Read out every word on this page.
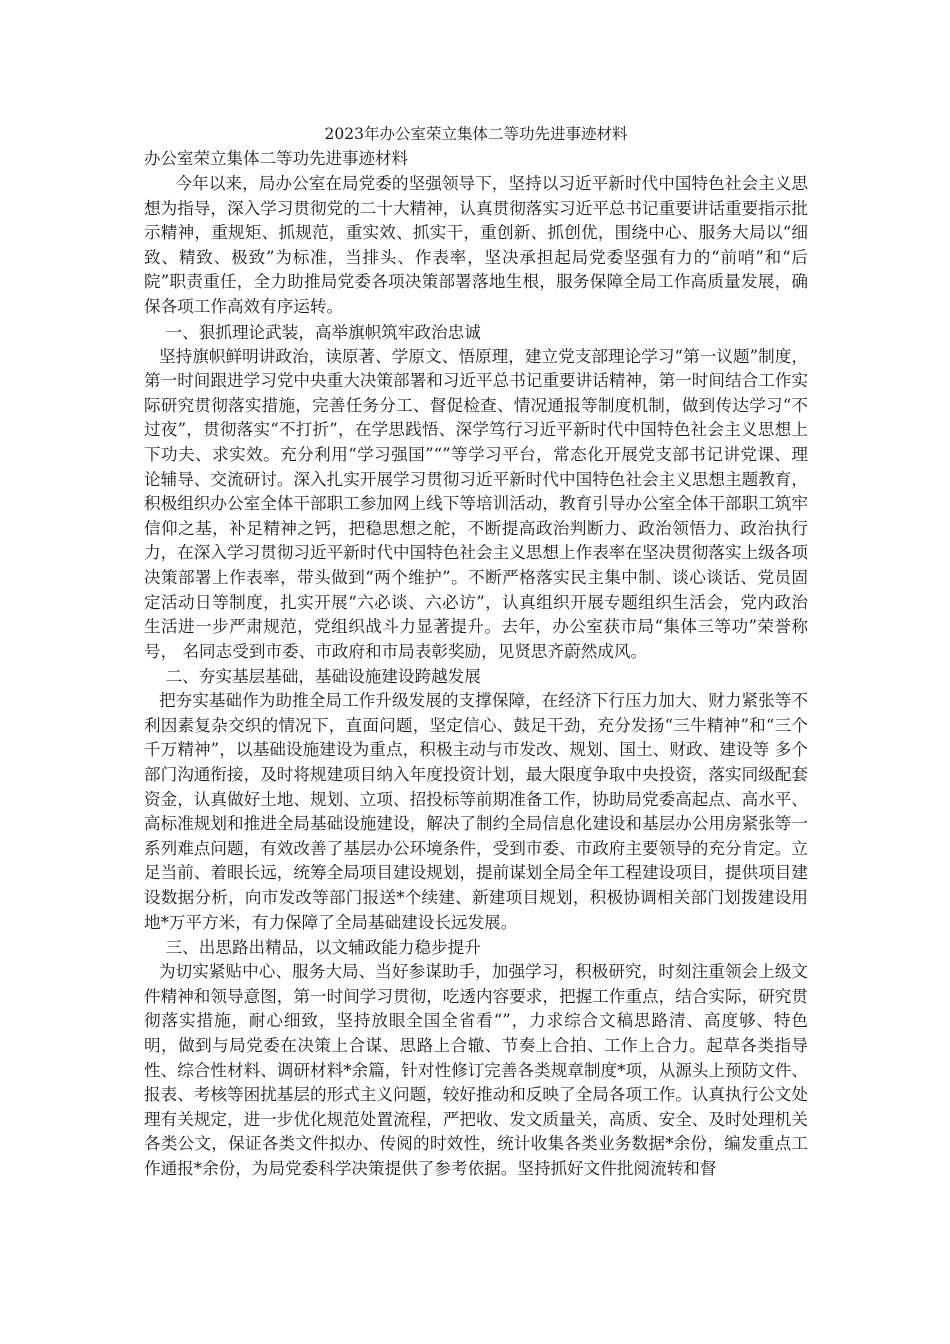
2023年办公室荣立集体二等功先进事迹材料
办公室荣立集体二等功先进事迹材料

今年以来，局办公室在局党委的坚强领导下，坚持以习近平新时代中国特色社会主义思想为指导，深入学习贯彻党的二十大精神，认真贯彻落实习近平总书记重要讲话重要指示批示精神，重规矩、抓规范，重实效、抓实干，重创新、抓创优，围绕中心、服务大局以“细致、精致、极致”为标准，当排头、作表率，坚决承担起局党委坚强有力的“前哨”和“后院”职责重任，全力助推局党委各项决策部署落地生根，服务保障全局工作高质量发展，确保各项工作高效有序运转。

一、狠抓理论武装，高举旗帜筑牢政治忠诚

坚持旗帜鲜明讲政治，读原著、学原文、悟原理，建立党支部理论学习“第一议题”制度，第一时间跟进学习党中央重大决策部署和习近平总书记重要讲话精神，第一时间结合工作实际研究贯彻落实措施，完善任务分工、督促检查、情况通报等制度机制，做到传达学习“不过夜”，贯彻落实“不打折”，在学思践悟、深学笃行习近平新时代中国特色社会主义思想上下功夫、求实效。充分利用“学习强国”“”等学习平台，常态化开展党支部书记讲党课、理论辅导、交流研讨。深入扎实开展学习贯彻习近平新时代中国特色社会主义思想主题教育，积极组织办公室全体干部职工参加网上线下等培训活动，教育引导办公室全体干部职工筑牢信仰之基，补足精神之钙，把稳思想之舵，不断提高政治判断力、政治领悟力、政治执行力，在深入学习贯彻习近平新时代中国特色社会主义思想上作表率在坚决贯彻落实上级各项决策部署上作表率，带头做到“两个维护”。不断严格落实民主集中制、谈心谈话、党员固定活动日等制度，扎实开展“六必谈、六必访”，认真组织开展专题组织生活会，党内政治生活进一步严肃规范，党组织战斗力显著提升。去年，办公室获市局“集体三等功”荣誉称号， 名同志受到市委、市政府和市局表彰奖励，见贤思齐蔚然成风。

二、夯实基层基础，基础设施建设跨越发展

把夯实基础作为助推全局工作升级发展的支撑保障，在经济下行压力加大、财力紧张等不利因素复杂交织的情况下，直面问题，坚定信心、鼓足干劲，充分发扬“三牛精神”和“三个千万精神”，以基础设施建设为重点，积极主动与市发改、规划、国土、财政、建设等 多个部门沟通衔接，及时将规建项目纳入年度投资计划，最大限度争取中央投资，落实同级配套资金，认真做好土地、规划、立项、招投标等前期准备工作，协助局党委高起点、高水平、高标准规划和推进全局基础设施建设，解决了制约全局信息化建设和基层办公用房紧张等一系列难点问题，有效改善了基层办公环境条件，受到市委、市政府主要领导的充分肯定。立足当前、着眼长远，统筹全局项目建设规划，提前谋划全局全年工程建设项目，提供项目建设数据分析，向市发改等部门报送*个续建、新建项目规划，积极协调相关部门划拨建设用地*万平方米，有力保障了全局基础建设长远发展。

三、出思路出精品，以文辅政能力稳步提升

为切实紧贴中心、服务大局、当好参谋助手，加强学习，积极研究，时刻注重领会上级文件精神和领导意图，第一时间学习贯彻，吃透内容要求，把握工作重点，结合实际，研究贯彻落实措施，耐心细致，坚持放眼全国全省看“”，力求综合文稿思路清、高度够、特色明，做到与局党委在决策上合谋、思路上合辙、节奏上合拍、工作上合力。起草各类指导性、综合性材料、调研材料*余篇，针对性修订完善各类规章制度*项，从源头上预防文件、报表、考核等困扰基层的形式主义问题，较好推动和反映了全局各项工作。认真执行公文处理有关规定，进一步优化规范处置流程，严把收、发文质量关，高质、安全、及时处理机关各类公文，保证各类文件拟办、传阅的时效性，统计收集各类业务数据*余份，编发重点工作通报*余份，为局党委科学决策提供了参考依据。坚持抓好文件批阅流转和督
